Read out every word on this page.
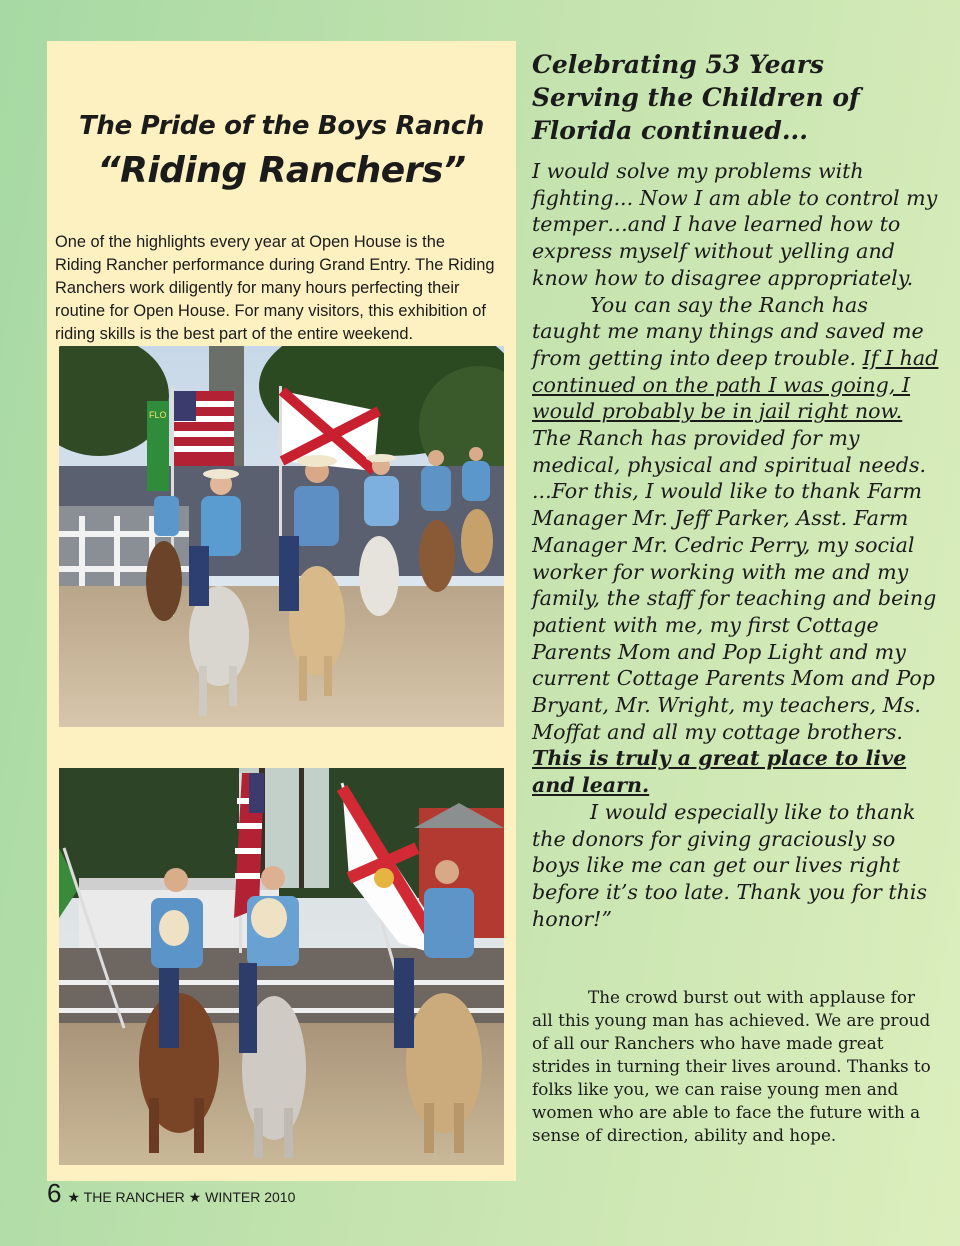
The Pride of the Boys Ranch
“Riding Ranchers”
One of the highlights every year at Open House is the Riding Rancher performance during Grand Entry. The Riding Ranchers work diligently for many hours perfecting their routine for Open House. For many visitors, this exhibition of riding skills is the best part of the entire weekend.
FLO
Celebrating 53 Years Serving the Children of Florida continued...

I would solve my problems with fighting... Now I am able to control my temper…and I have learned how to express myself without yelling and know how to disagree appropriately.

You can say the Ranch has taught me many things and saved me from getting into deep trouble. If I had continued on the path I was going, I would probably be in jail right now. The Ranch has provided for my medical, physical and spiritual needs. ...For this, I would like to thank Farm Manager Mr. Jeff Parker, Asst. Farm Manager Mr. Cedric Perry, my social worker for working with me and my family, the staff for teaching and being patient with me, my first Cottage Parents Mom and Pop Light and my current Cottage Parents Mom and Pop Bryant, Mr. Wright, my teachers, Ms. Moffat and all my cottage brothers. This is truly a great place to live and learn.

I would especially like to thank the donors for giving graciously so boys like me can get our lives right before it’s too late. Thank you for this honor!”

The crowd burst out with applause for all this young man has achieved. We are proud of all our Ranchers who have made great strides in turning their lives around. Thanks to folks like you, we can raise young men and women who are able to face the future with a sense of direction, ability and hope.
6 ★ THE RANCHER ★ WINTER 2010
